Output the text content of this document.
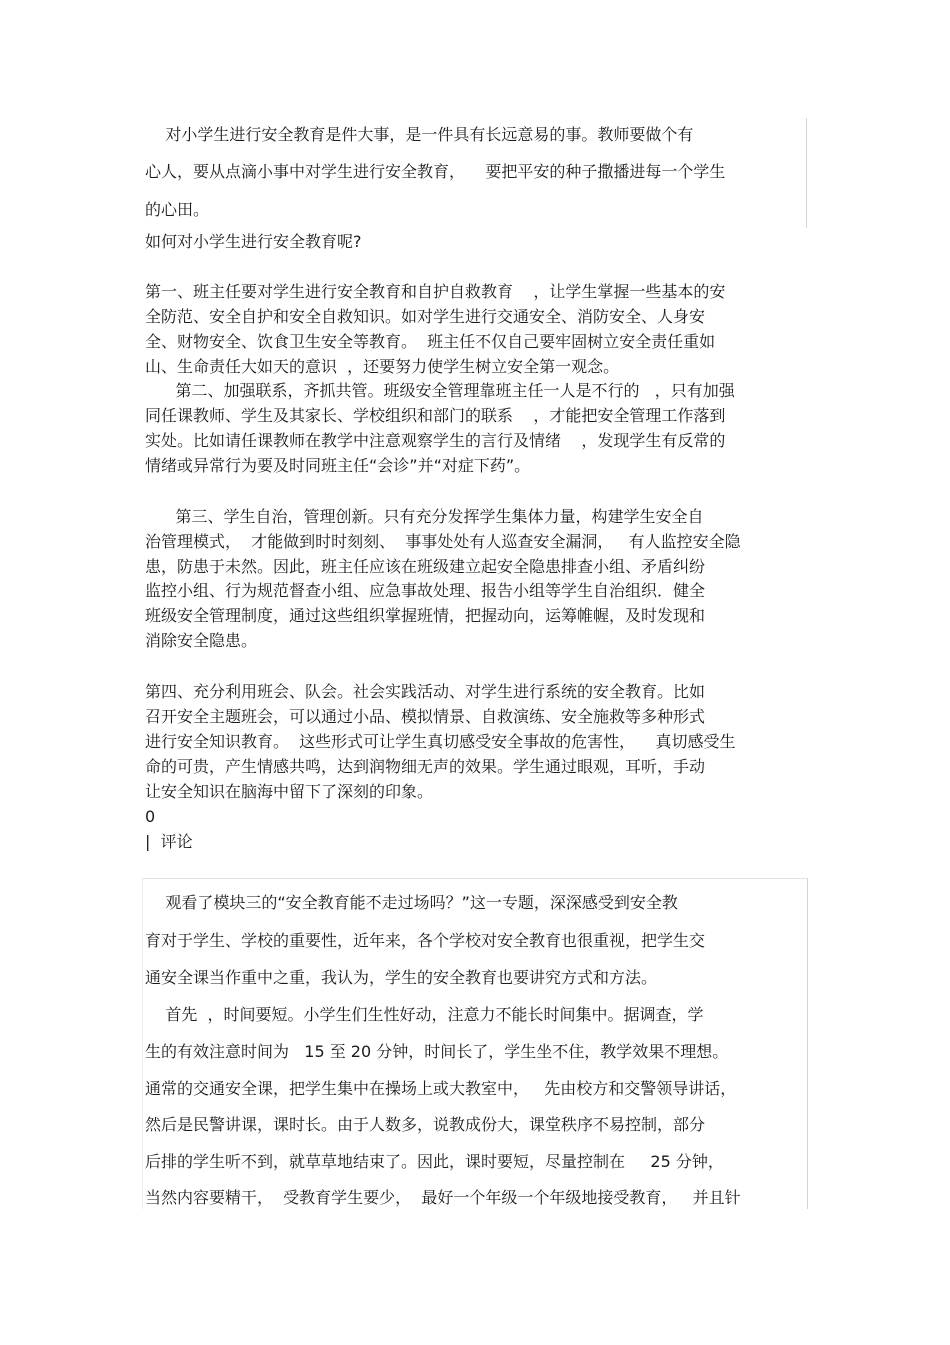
对小学生进行安全教育是件大事，是一件具有长远意易的事。教师要做个有
心人，要从点滴小事中对学生进行安全教育，    要把平安的种子撒播进每一个学生
的心田。
如何对小学生进行安全教育呢?
第一、班主任要对学生进行安全教育和自护自救教育    ，让学生掌握一些基本的安
全防范、安全自护和安全自救知识。如对学生进行交通安全、消防安全、人身安
全、财物安全、饮食卫生安全等教育。  班主任不仅自己要牢固树立安全责任重如
山、生命责任大如天的意识  ，还要努力使学生树立安全第一观念。
第二、加强联系，齐抓共管。班级安全管理靠班主任一人是不行的   ，只有加强
同任课教师、学生及其家长、学校组织和部门的联系    ，才能把安全管理工作落到
实处。比如请任课教师在教学中注意观察学生的言行及情绪    ，发现学生有反常的
情绪或异常行为要及时同班主任“会诊”并“对症下药”。
第三、学生自治，管理创新。只有充分发挥学生集体力量，构建学生安全自
治管理模式，  才能做到时时刻刻、  事事处处有人巡查安全漏洞，   有人监控安全隐
患，防患于未然。因此，班主任应该在班级建立起安全隐患排查小组、矛盾纠纷
监控小组、行为规范督查小组、应急事故处理、报告小组等学生自治组织．健全
班级安全管理制度，通过这些组织掌握班情，把握动向，运筹帷幄，及时发现和
消除安全隐患。
第四、充分利用班会、队会。社会实践活动、对学生进行系统的安全教育。比如
召开安全主题班会，可以通过小品、模拟情景、自救演练、安全施救等多种形式
进行安全知识教育。  这些形式可让学生真切感受安全事故的危害性，    真切感受生
命的可贵，产生情感共鸣，达到润物细无声的效果。学生通过眼观，耳听，手动
让安全知识在脑海中留下了深刻的印象。
0
|  评论
观看了模块三的“安全教育能不走过场吗？”这一专题，深深感受到安全教
育对于学生、学校的重要性，近年来，各个学校对安全教育也很重视，把学生交
通安全课当作重中之重，我认为，学生的安全教育也要讲究方式和方法。
首先  ，时间要短。小学生们生性好动，注意力不能长时间集中。据调查，学
生的有效注意时间为   15 至 20 分钟，时间长了，学生坐不住，教学效果不理想。
通常的交通安全课，把学生集中在操场上或大教室中，   先由校方和交警领导讲话，
然后是民警讲课，课时长。由于人数多，说教成份大，课堂秩序不易控制，部分
后排的学生听不到，就草草地结束了。因此，课时要短，尽量控制在     25 分钟，
当然内容要精干，  受教育学生要少，  最好一个年级一个年级地接受教育，   并且针
